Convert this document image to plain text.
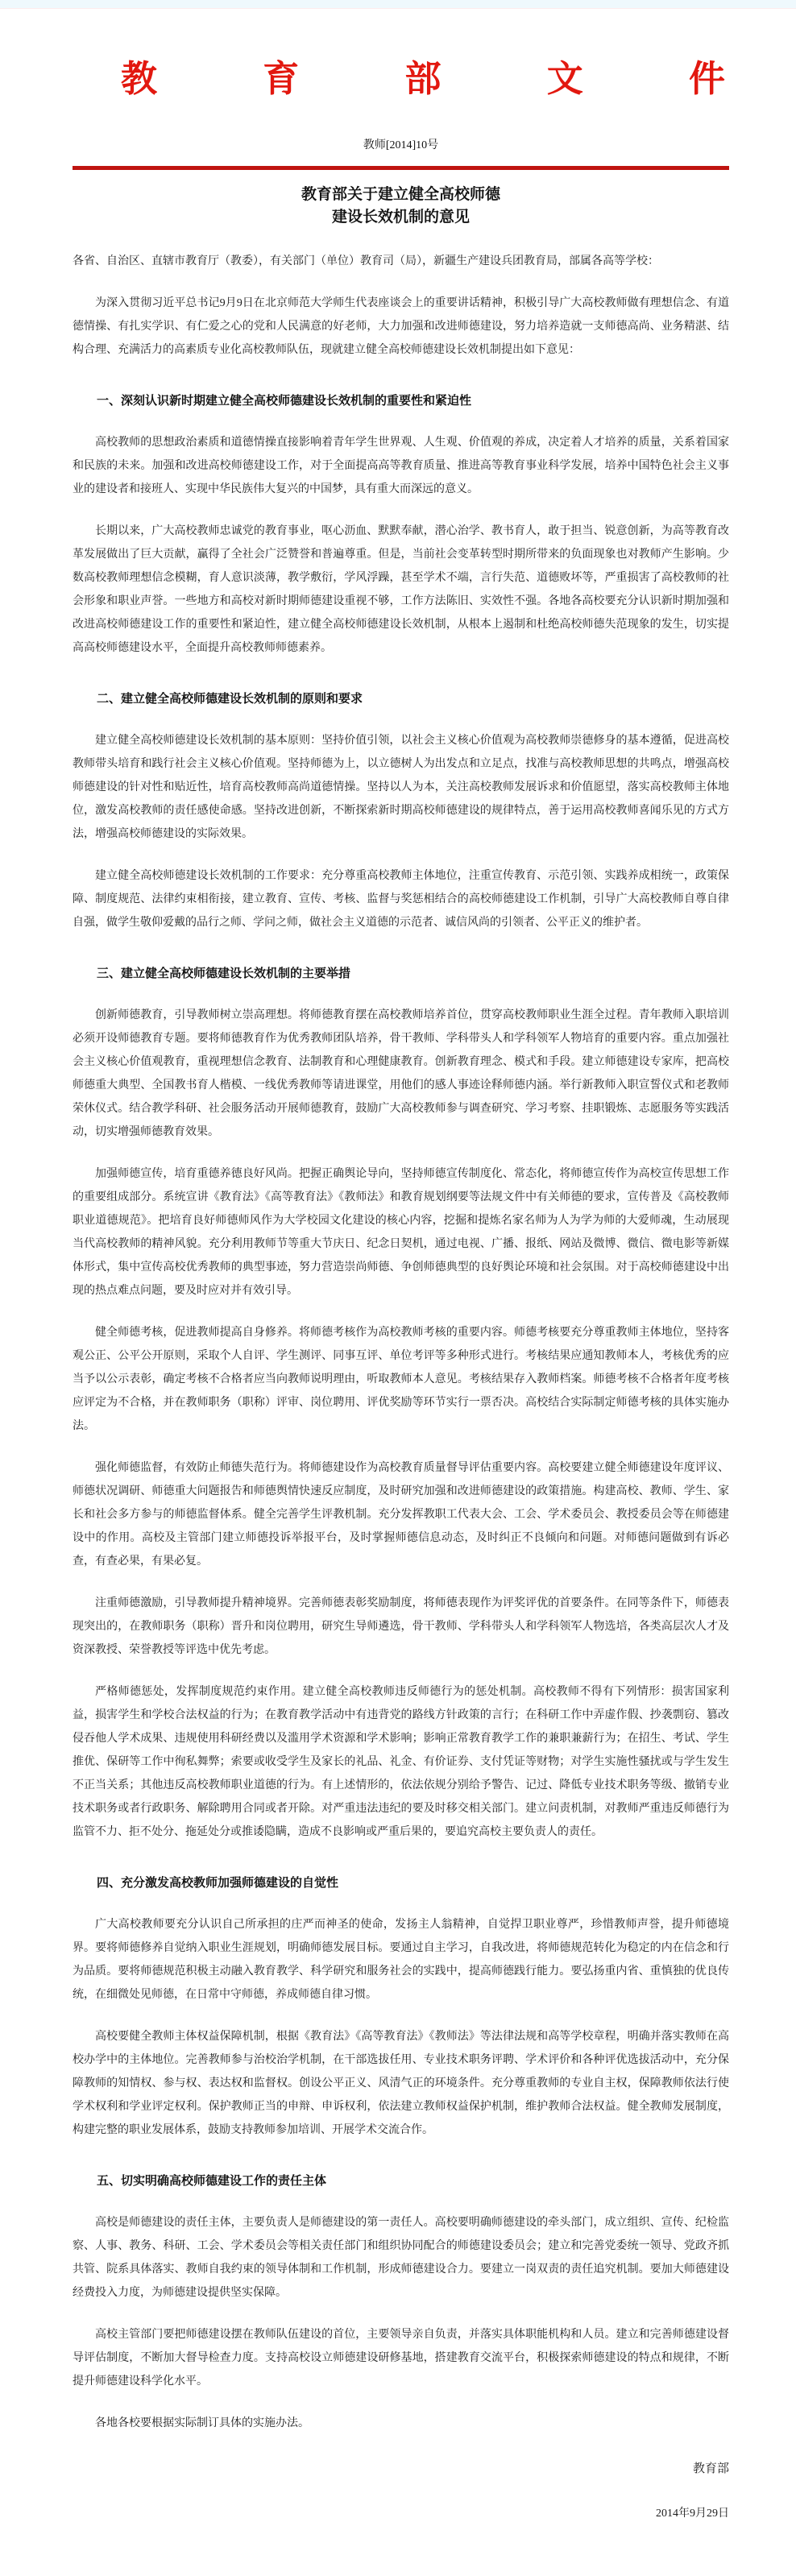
教 育 部 文 件
教师[2014]10号
教育部关于建立健全高校师德
建设长效机制的意见
各省、自治区、直辖市教育厅（教委），有关部门（单位）教育司（局），新疆生产建设兵团教育局，部属各高等学校：
为深入贯彻习近平总书记9月9日在北京师范大学师生代表座谈会上的重要讲话精神，积极引导广大高校教师做有理想信念、有道德情操、有扎实学识、有仁爱之心的党和人民满意的好老师，大力加强和改进师德建设，努力培养造就一支师德高尚、业务精湛、结构合理、充满活力的高素质专业化高校教师队伍，现就建立健全高校师德建设长效机制提出如下意见：
一、深刻认识新时期建立健全高校师德建设长效机制的重要性和紧迫性
高校教师的思想政治素质和道德情操直接影响着青年学生世界观、人生观、价值观的养成，决定着人才培养的质量，关系着国家和民族的未来。加强和改进高校师德建设工作，对于全面提高高等教育质量、推进高等教育事业科学发展，培养中国特色社会主义事业的建设者和接班人、实现中华民族伟大复兴的中国梦，具有重大而深远的意义。
长期以来，广大高校教师忠诚党的教育事业，呕心沥血、默默奉献，潜心治学、教书育人，敢于担当、锐意创新，为高等教育改革发展做出了巨大贡献，赢得了全社会广泛赞誉和普遍尊重。但是，当前社会变革转型时期所带来的负面现象也对教师产生影响。少数高校教师理想信念模糊，育人意识淡薄，教学敷衍，学风浮躁，甚至学术不端，言行失范、道德败坏等，严重损害了高校教师的社会形象和职业声誉。一些地方和高校对新时期师德建设重视不够，工作方法陈旧、实效性不强。各地各高校要充分认识新时期加强和改进高校师德建设工作的重要性和紧迫性，建立健全高校师德建设长效机制，从根本上遏制和杜绝高校师德失范现象的发生，切实提高高校师德建设水平，全面提升高校教师师德素养。
二、建立健全高校师德建设长效机制的原则和要求
建立健全高校师德建设长效机制的基本原则：坚持价值引领，以社会主义核心价值观为高校教师崇德修身的基本遵循，促进高校教师带头培育和践行社会主义核心价值观。坚持师德为上，以立德树人为出发点和立足点，找准与高校教师思想的共鸣点，增强高校师德建设的针对性和贴近性，培育高校教师高尚道德情操。坚持以人为本，关注高校教师发展诉求和价值愿望，落实高校教师主体地位，激发高校教师的责任感使命感。坚持改进创新，不断探索新时期高校师德建设的规律特点，善于运用高校教师喜闻乐见的方式方法，增强高校师德建设的实际效果。
建立健全高校师德建设长效机制的工作要求：充分尊重高校教师主体地位，注重宣传教育、示范引领、实践养成相统一，政策保障、制度规范、法律约束相衔接，建立教育、宣传、考核、监督与奖惩相结合的高校师德建设工作机制，引导广大高校教师自尊自律自强，做学生敬仰爱戴的品行之师、学问之师，做社会主义道德的示范者、诚信风尚的引领者、公平正义的维护者。
三、建立健全高校师德建设长效机制的主要举措
创新师德教育，引导教师树立崇高理想。将师德教育摆在高校教师培养首位，贯穿高校教师职业生涯全过程。青年教师入职培训必须开设师德教育专题。要将师德教育作为优秀教师团队培养，骨干教师、学科带头人和学科领军人物培育的重要内容。重点加强社会主义核心价值观教育，重视理想信念教育、法制教育和心理健康教育。创新教育理念、模式和手段。建立师德建设专家库，把高校师德重大典型、全国教书育人楷模、一线优秀教师等请进课堂，用他们的感人事迹诠释师德内涵。举行新教师入职宣誓仪式和老教师荣休仪式。结合教学科研、社会服务活动开展师德教育，鼓励广大高校教师参与调查研究、学习考察、挂职锻炼、志愿服务等实践活动，切实增强师德教育效果。
加强师德宣传，培育重德养德良好风尚。把握正确舆论导向，坚持师德宣传制度化、常态化，将师德宣传作为高校宣传思想工作的重要组成部分。系统宣讲《教育法》《高等教育法》《教师法》和教育规划纲要等法规文件中有关师德的要求，宣传普及《高校教师职业道德规范》。把培育良好师德师风作为大学校园文化建设的核心内容，挖掘和提炼名家名师为人为学为师的大爱师魂，生动展现当代高校教师的精神风貌。充分利用教师节等重大节庆日、纪念日契机，通过电视、广播、报纸、网站及微博、微信、微电影等新媒体形式，集中宣传高校优秀教师的典型事迹，努力营造崇尚师德、争创师德典型的良好舆论环境和社会氛围。对于高校师德建设中出现的热点难点问题，要及时应对并有效引导。
健全师德考核，促进教师提高自身修养。将师德考核作为高校教师考核的重要内容。师德考核要充分尊重教师主体地位，坚持客观公正、公平公开原则，采取个人自评、学生测评、同事互评、单位考评等多种形式进行。考核结果应通知教师本人，考核优秀的应当予以公示表彰，确定考核不合格者应当向教师说明理由，听取教师本人意见。考核结果存入教师档案。师德考核不合格者年度考核应评定为不合格，并在教师职务（职称）评审、岗位聘用、评优奖励等环节实行一票否决。高校结合实际制定师德考核的具体实施办法。
强化师德监督，有效防止师德失范行为。将师德建设作为高校教育质量督导评估重要内容。高校要建立健全师德建设年度评议、师德状况调研、师德重大问题报告和师德舆情快速反应制度，及时研究加强和改进师德建设的政策措施。构建高校、教师、学生、家长和社会多方参与的师德监督体系。健全完善学生评教机制。充分发挥教职工代表大会、工会、学术委员会、教授委员会等在师德建设中的作用。高校及主管部门建立师德投诉举报平台，及时掌握师德信息动态，及时纠正不良倾向和问题。对师德问题做到有诉必查，有查必果，有果必复。
注重师德激励，引导教师提升精神境界。完善师德表彰奖励制度，将师德表现作为评奖评优的首要条件。在同等条件下，师德表现突出的，在教师职务（职称）晋升和岗位聘用，研究生导师遴选，骨干教师、学科带头人和学科领军人物选培，各类高层次人才及资深教授、荣誉教授等评选中优先考虑。
严格师德惩处，发挥制度规范约束作用。建立健全高校教师违反师德行为的惩处机制。高校教师不得有下列情形：损害国家利益，损害学生和学校合法权益的行为；在教育教学活动中有违背党的路线方针政策的言行；在科研工作中弄虚作假、抄袭剽窃、篡改侵吞他人学术成果、违规使用科研经费以及滥用学术资源和学术影响；影响正常教育教学工作的兼职兼薪行为；在招生、考试、学生推优、保研等工作中徇私舞弊；索要或收受学生及家长的礼品、礼金、有价证券、支付凭证等财物；对学生实施性骚扰或与学生发生不正当关系；其他违反高校教师职业道德的行为。有上述情形的，依法依规分别给予警告、记过、降低专业技术职务等级、撤销专业技术职务或者行政职务、解除聘用合同或者开除。对严重违法违纪的要及时移交相关部门。建立问责机制，对教师严重违反师德行为监管不力、拒不处分、拖延处分或推诿隐瞒，造成不良影响或严重后果的，要追究高校主要负责人的责任。
四、充分激发高校教师加强师德建设的自觉性
广大高校教师要充分认识自己所承担的庄严而神圣的使命，发扬主人翁精神，自觉捍卫职业尊严，珍惜教师声誉，提升师德境界。要将师德修养自觉纳入职业生涯规划，明确师德发展目标。要通过自主学习，自我改进，将师德规范转化为稳定的内在信念和行为品质。要将师德规范积极主动融入教育教学、科学研究和服务社会的实践中，提高师德践行能力。要弘扬重内省、重慎独的优良传统，在细微处见师德，在日常中守师德，养成师德自律习惯。
高校要健全教师主体权益保障机制，根据《教育法》《高等教育法》《教师法》等法律法规和高等学校章程，明确并落实教师在高校办学中的主体地位。完善教师参与治校治学机制，在干部选拔任用、专业技术职务评聘、学术评价和各种评优选拔活动中，充分保障教师的知情权、参与权、表达权和监督权。创设公平正义、风清气正的环境条件。充分尊重教师的专业自主权，保障教师依法行使学术权利和学业评定权利。保护教师正当的申辩、申诉权利，依法建立教师权益保护机制，维护教师合法权益。健全教师发展制度，构建完整的职业发展体系，鼓励支持教师参加培训、开展学术交流合作。
五、切实明确高校师德建设工作的责任主体
高校是师德建设的责任主体，主要负责人是师德建设的第一责任人。高校要明确师德建设的牵头部门，成立组织、宣传、纪检监察、人事、教务、科研、工会、学术委员会等相关责任部门和组织协同配合的师德建设委员会；建立和完善党委统一领导、党政齐抓共管、院系具体落实、教师自我约束的领导体制和工作机制，形成师德建设合力。要建立一岗双责的责任追究机制。要加大师德建设经费投入力度，为师德建设提供坚实保障。
高校主管部门要把师德建设摆在教师队伍建设的首位，主要领导亲自负责，并落实具体职能机构和人员。建立和完善师德建设督导评估制度，不断加大督导检查力度。支持高校设立师德建设研修基地，搭建教育交流平台，积极探索师德建设的特点和规律，不断提升师德建设科学化水平。
各地各校要根据实际制订具体的实施办法。
教育部
2014年9月29日
